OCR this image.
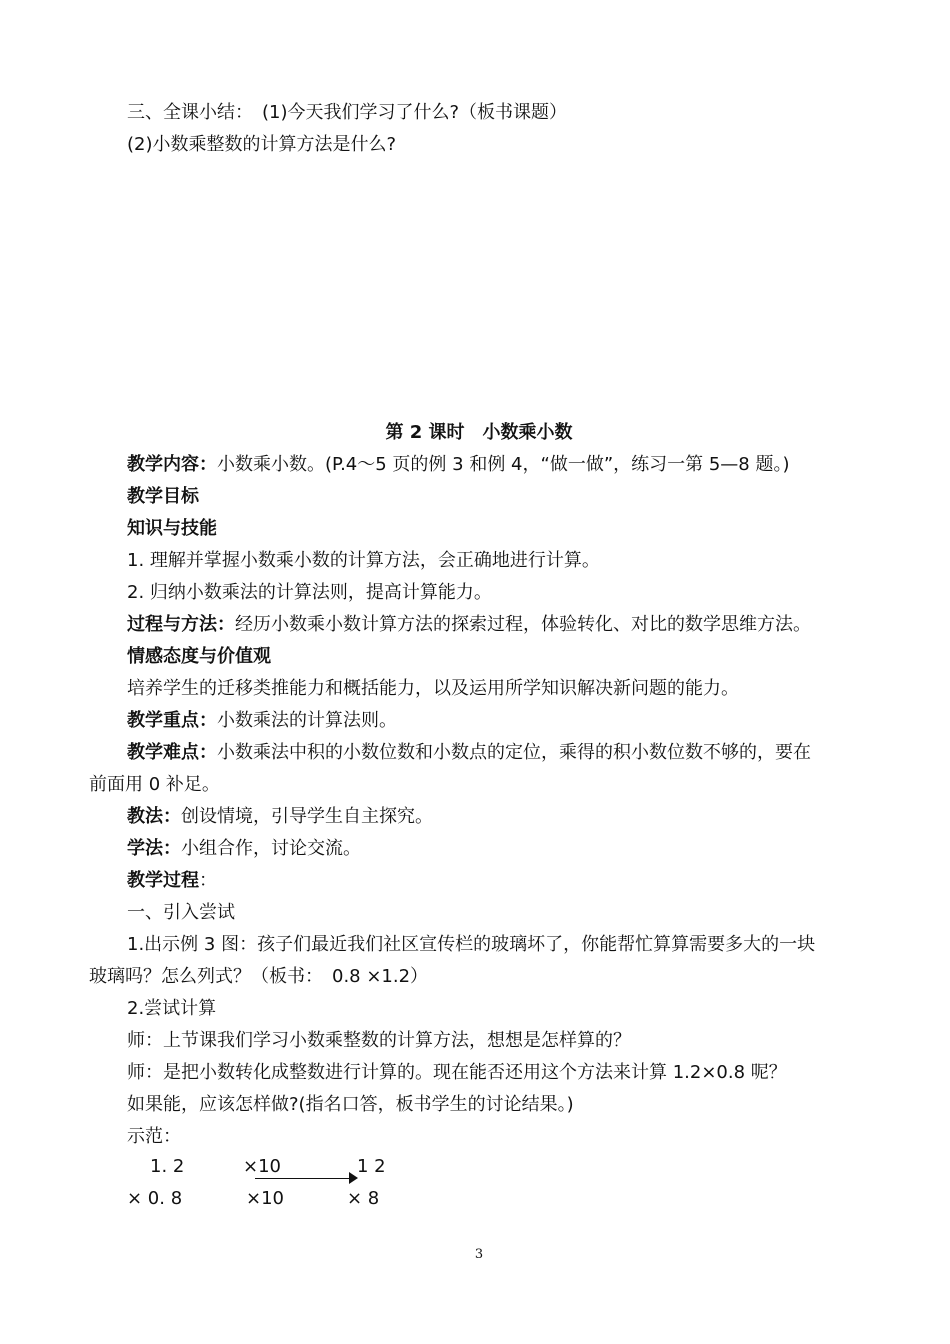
三、全课小结：　(1)今天我们学习了什么?（板书课题）
(2)小数乘整数的计算方法是什么?
第 2 课时　小数乘小数
教学内容：小数乘小数。(P.4～5 页的例 3 和例 4，“做一做”，练习一第 5—8 题。)
教学目标
知识与技能
1. 理解并掌握小数乘小数的计算方法，会正确地进行计算。
2. 归纳小数乘法的计算法则，提高计算能力。
过程与方法：经历小数乘小数计算方法的探索过程，体验转化、对比的数学思维方法。
情感态度与价值观
培养学生的迁移类推能力和概括能力，以及运用所学知识解决新问题的能力。
教学重点：小数乘法的计算法则。
教学难点：小数乘法中积的小数位数和小数点的定位，乘得的积小数位数不够的，要在
前面用 0 补足。
教法：创设情境，引导学生自主探究。
学法：小组合作，讨论交流。
教学过程：
一、引入尝试
1.出示例 3 图：孩子们最近我们社区宣传栏的玻璃坏了，你能帮忙算算需要多大的一块
玻璃吗？怎么列式？（板书：　0.8 ×1.2）
2.尝试计算
师：上节课我们学习小数乘整数的计算方法，想想是怎样算的？
师：是把小数转化成整数进行计算的。现在能否还用这个方法来计算 1.2×0.8 呢？
如果能，应该怎样做?(指名口答，板书学生的讨论结果。)
示范：
1. 2	×10	1 2
× 0. 8	×10	× 8
3
